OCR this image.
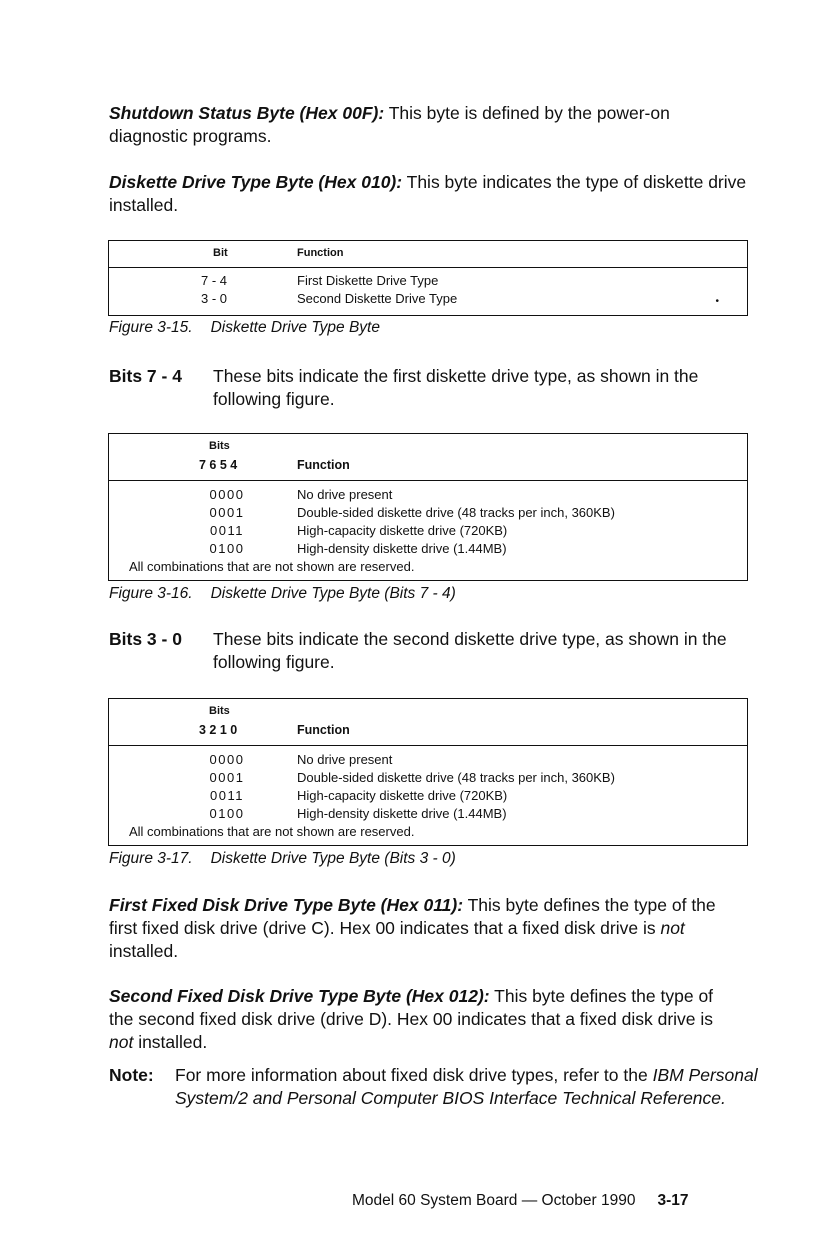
Shutdown Status Byte (Hex 00F): This byte is defined by the power-on diagnostic programs.
Diskette Drive Type Byte (Hex 010): This byte indicates the type of diskette drive installed.
Bit	Function
7 - 4	First Diskette Drive Type
3 - 0	Second Diskette Drive Type	•
Figure 3-15. Diskette Drive Type Byte
Bits 7 - 4 These bits indicate the first diskette drive type, as shown in the following figure.
Bits
7 6 5 4	Function
0000	No drive present
0001	Double-sided diskette drive (48 tracks per inch, 360KB)
0011	High-capacity diskette drive (720KB)
0100	High-density diskette drive (1.44MB)
All combinations that are not shown are reserved.
Figure 3-16. Diskette Drive Type Byte (Bits 7 - 4)
Bits 3 - 0 These bits indicate the second diskette drive type, as shown in the following figure.
Bits
3 2 1 0	Function
0000	No drive present
0001	Double-sided diskette drive (48 tracks per inch, 360KB)
0011	High-capacity diskette drive (720KB)
0100	High-density diskette drive (1.44MB)
All combinations that are not shown are reserved.
Figure 3-17. Diskette Drive Type Byte (Bits 3 - 0)
First Fixed Disk Drive Type Byte (Hex 011): This byte defines the type of the first fixed disk drive (drive C). Hex 00 indicates that a fixed disk drive is not installed.
Second Fixed Disk Drive Type Byte (Hex 012): This byte defines the type of the second fixed disk drive (drive D). Hex 00 indicates that a fixed disk drive is not installed.
Note: For more information about fixed disk drive types, refer to the IBM Personal System/2 and Personal Computer BIOS Interface Technical Reference.
Model 60 System Board — October 1990 3-17
